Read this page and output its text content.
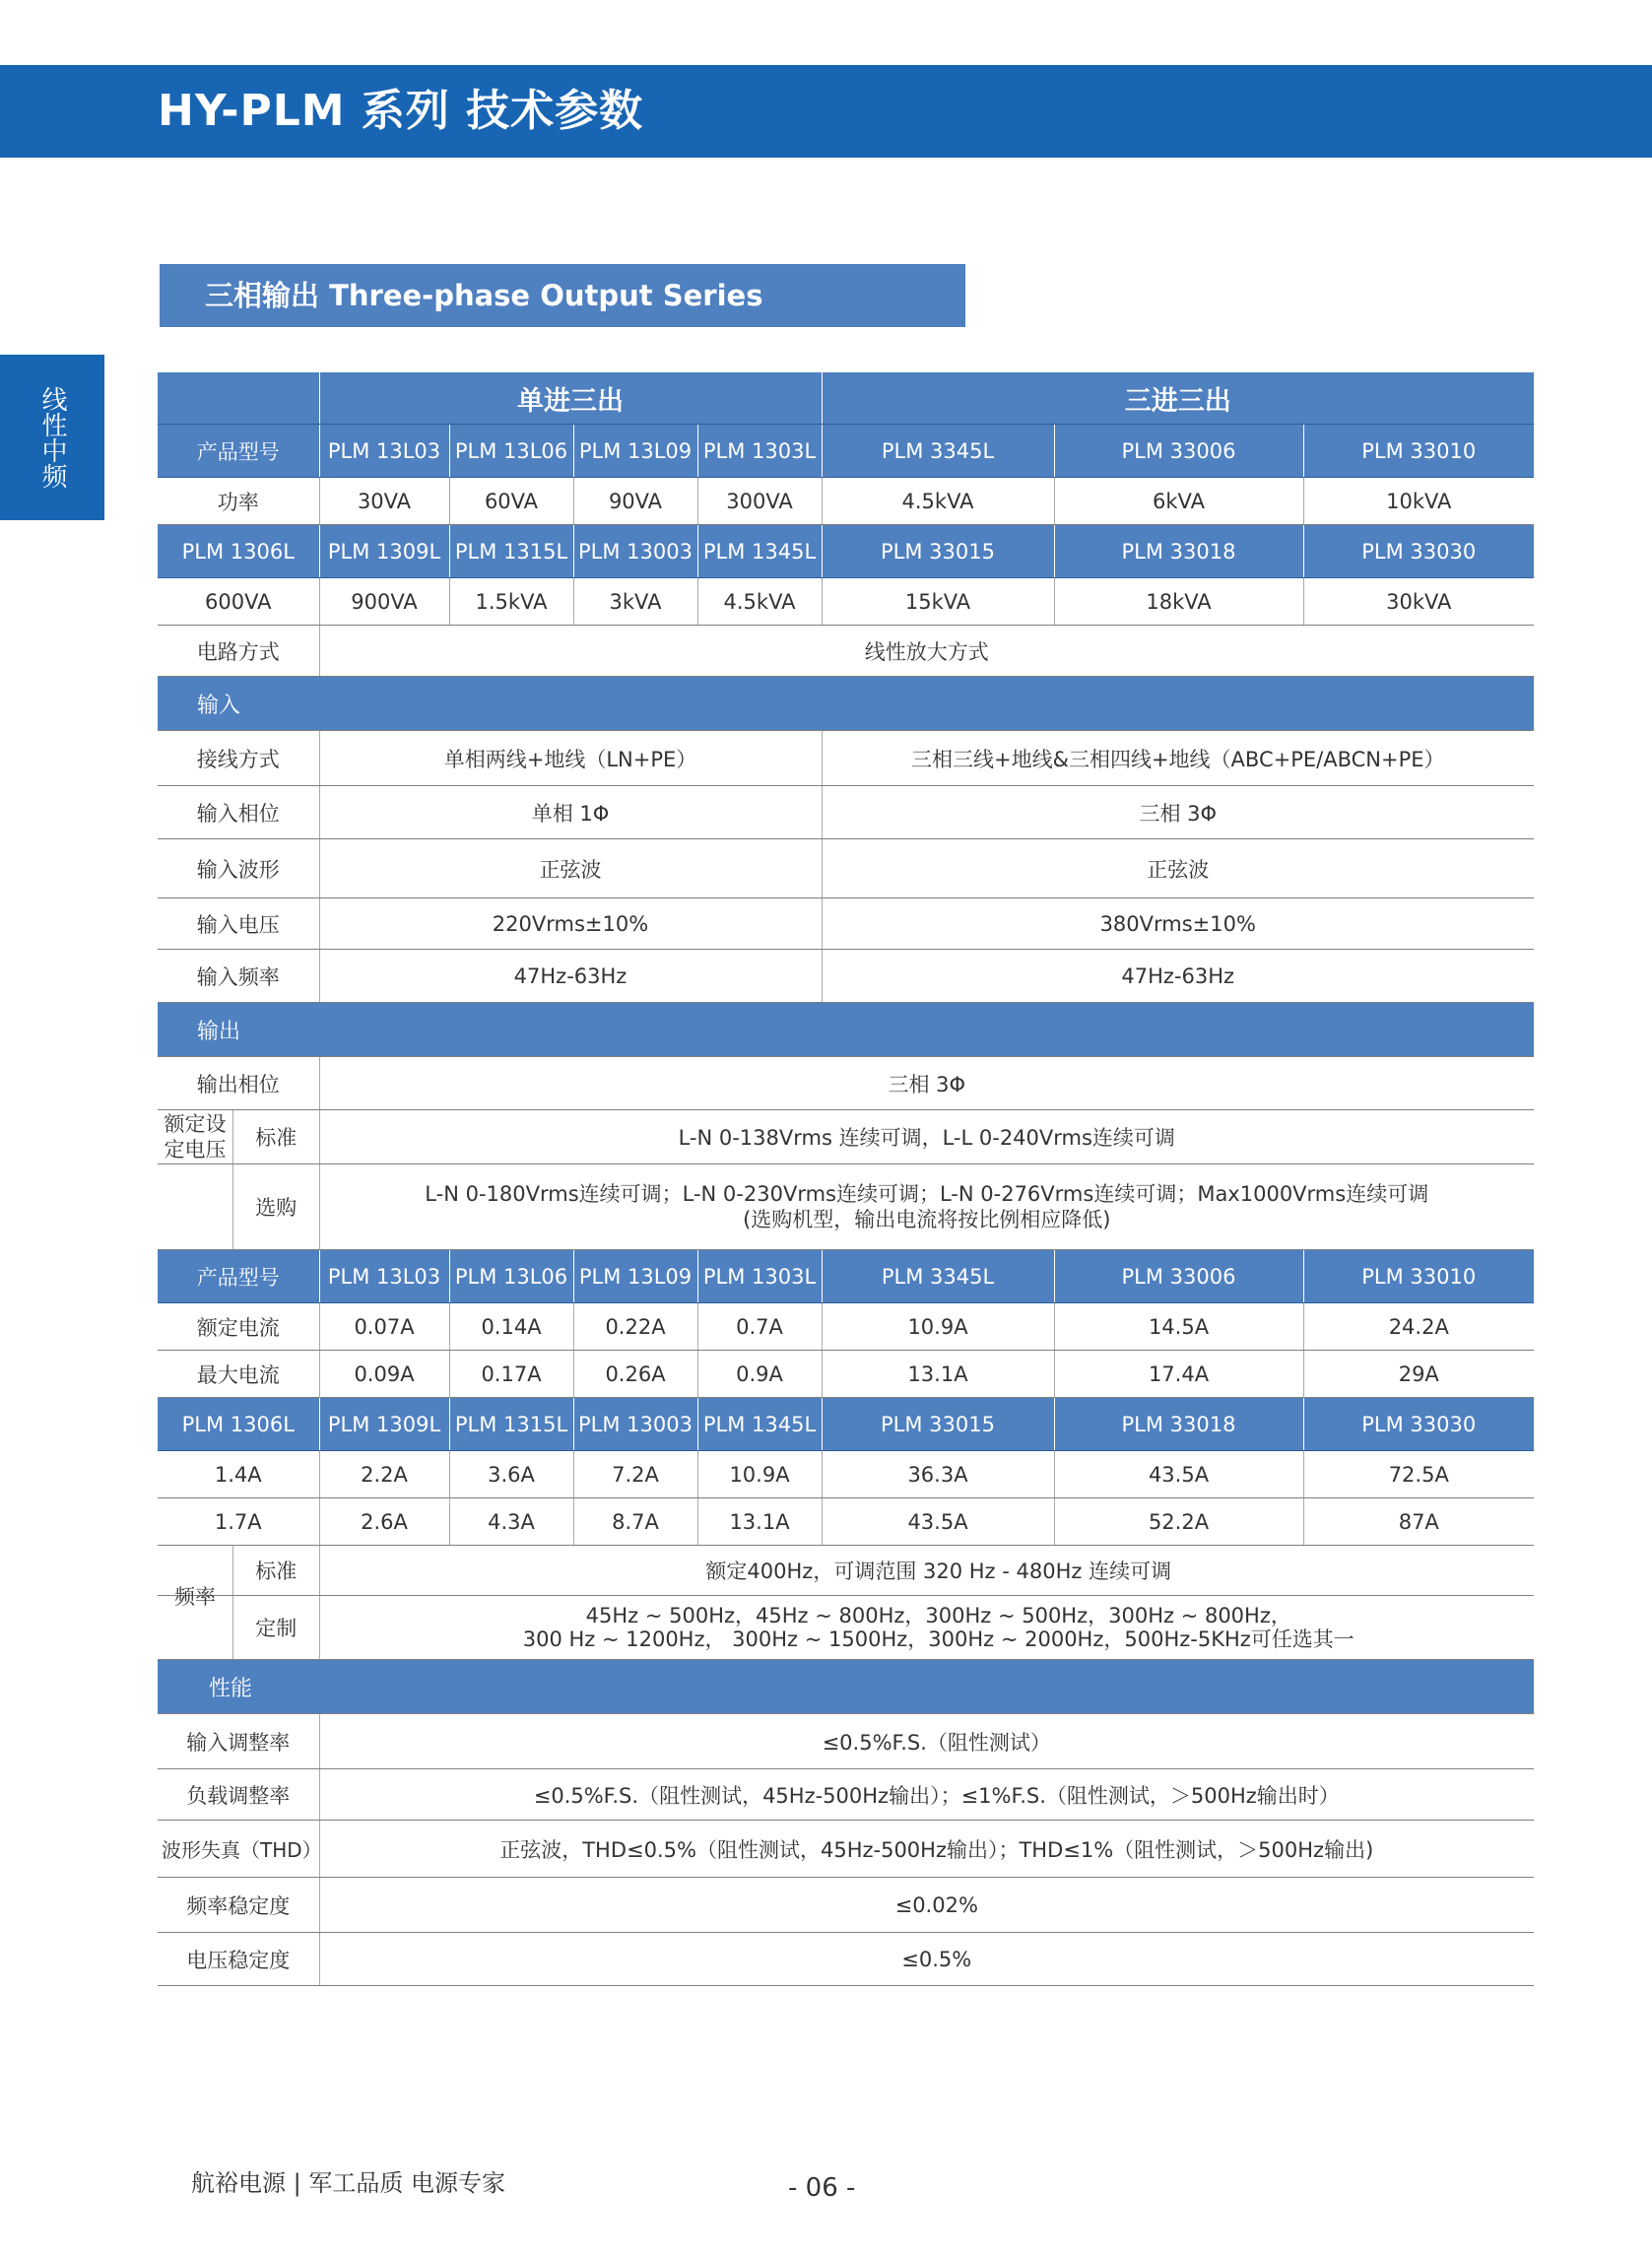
HY-PLM 系列 技术参数
线性中频
三相输出 Three-phase Output Series
	单进三出				三进三出		
产品型号	PLM 13L03	PLM 13L06	PLM 13L09	PLM 1303L	PLM 3345L	PLM 33006	PLM 33010
功率	30VA	60VA	90VA	300VA	4.5kVA	6kVA	10kVA
PLM 1306L	PLM 1309L	PLM 1315L	PLM 13003	PLM 1345L	PLM 33015	PLM 33018	PLM 33030
600VA	900VA	1.5kVA	3kVA	4.5kVA	15kVA	18kVA	30kVA
电路方式	线性放大方式						
输入							
接线方式	单相两线+地线（LN+PE）				三相三线+地线&三相四线+地线（ABC+PE/ABCN+PE）		
输入相位	单相 1Φ				三相 3Φ		
输入波形	正弦波				正弦波		
输入电压	220Vrms±10%				380Vrms±10%		
输入频率	47Hz-63Hz				47Hz-63Hz		
输出							
输出相位	三相 3Φ						

额定设定电压 标准	L-N 0-138Vrms 连续可调，L-L 0-240Vrms连续可调						

选购	L-N 0-180Vrms连续可调；L-N 0-230Vrms连续可调；L-N 0-276Vrms连续可调；Max1000Vrms连续可调
(选购机型，输出电流将按比例相应降低)						

产品型号	PLM 13L03	PLM 13L06	PLM 13L09	PLM 1303L	PLM 3345L	PLM 33006	PLM 33010
额定电流	0.07A	0.14A	0.22A	0.7A	10.9A	14.5A	24.2A
最大电流	0.09A	0.17A	0.26A	0.9A	13.1A	17.4A	29A
PLM 1306L	PLM 1309L	PLM 1315L	PLM 13003	PLM 1345L	PLM 33015	PLM 33018	PLM 33030
1.4A	2.2A	3.6A	7.2A	10.9A	36.3A	43.5A	72.5A
1.7A	2.6A	4.3A	8.7A	13.1A	43.5A	52.2A	87A

频率
标准	额定400Hz，可调范围 320 Hz - 480Hz 连续可调						

定制	45Hz ~ 500Hz，45Hz ~ 800Hz，300Hz ~ 500Hz，300Hz ~ 800Hz，
300 Hz ~ 1200Hz， 300Hz ~ 1500Hz，300Hz ~ 2000Hz，500Hz-5KHz可任选其一						

性能							
输入调整率	≤0.5%F.S.（阻性测试）						
负载调整率	≤0.5%F.S.（阻性测试，45Hz-500Hz输出）；≤1%F.S.（阻性测试，＞500Hz输出时）						
波形失真（THD）	正弦波，THD≤0.5%（阻性测试，45Hz-500Hz输出）；THD≤1%（阻性测试，＞500Hz输出)						
频率稳定度	≤0.02%						
电压稳定度	≤0.5%						
航裕电源 | 军工品质 电源专家	- 06 -
